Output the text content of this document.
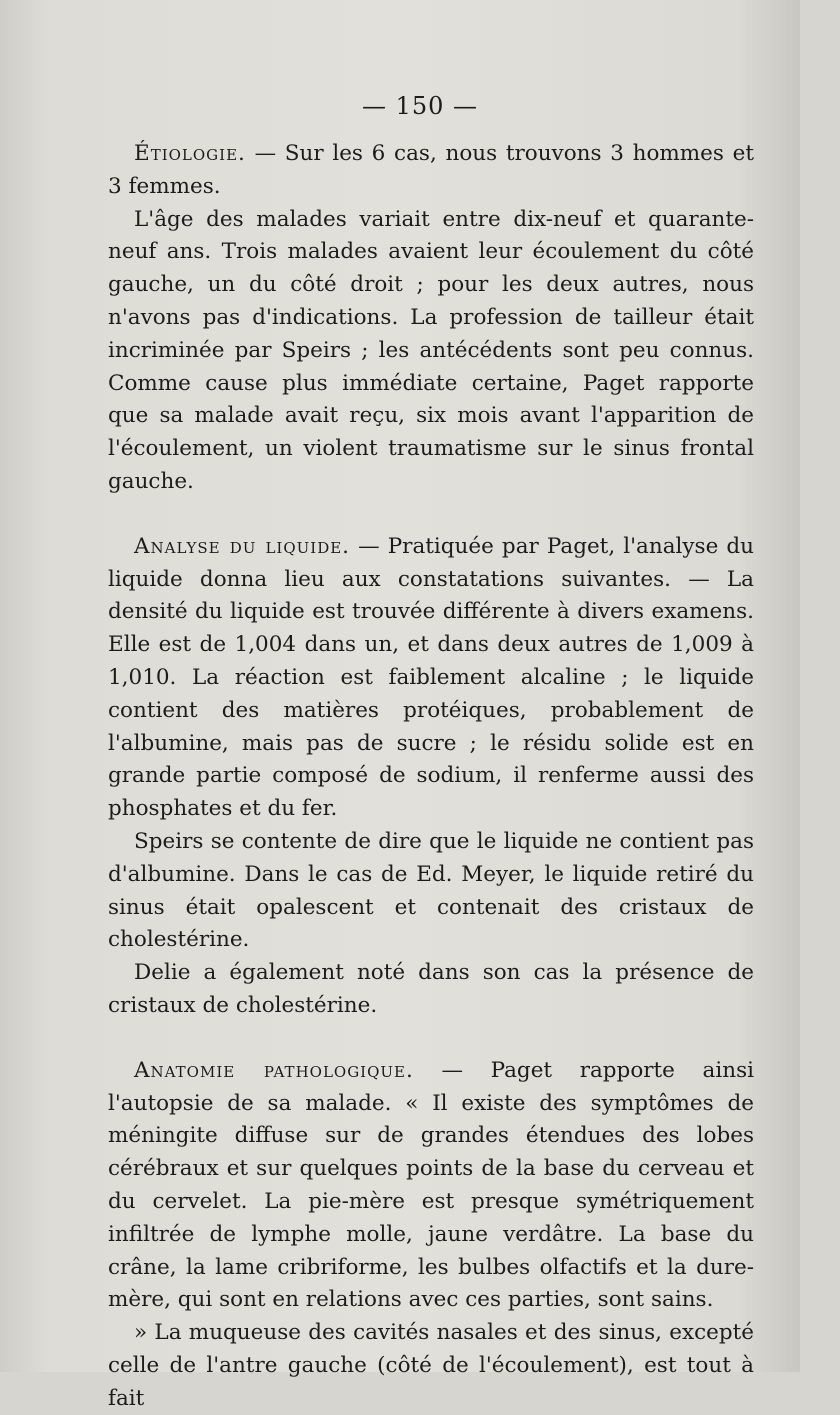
— 150 —

Étiologie. — Sur les 6 cas, nous trouvons 3 hommes et 3 femmes.

L'âge des malades variait entre dix-neuf et quarante-neuf ans. Trois malades avaient leur écoulement du côté gauche, un du côté droit ; pour les deux autres, nous n'avons pas d'indications. La profession de tailleur était incriminée par Speirs ; les antécédents sont peu connus. Comme cause plus immédiate certaine, Paget rapporte que sa malade avait reçu, six mois avant l'apparition de l'écoulement, un violent traumatisme sur le sinus frontal gauche.

Analyse du liquide. — Pratiquée par Paget, l'analyse du liquide donna lieu aux constatations suivantes. — La densité du liquide est trouvée différente à divers examens. Elle est de 1,004 dans un, et dans deux autres de 1,009 à 1,010. La réaction est faiblement alcaline ; le liquide contient des matières protéiques, probablement de l'albumine, mais pas de sucre ; le résidu solide est en grande partie composé de sodium, il renferme aussi des phosphates et du fer.

Speirs se contente de dire que le liquide ne contient pas d'albumine. Dans le cas de Ed. Meyer, le liquide retiré du sinus était opalescent et contenait des cristaux de cholestérine.

Delie a également noté dans son cas la présence de cristaux de cholestérine.

Anatomie pathologique. — Paget rapporte ainsi l'autopsie de sa malade. « Il existe des symptômes de méningite diffuse sur de grandes étendues des lobes cérébraux et sur quelques points de la base du cerveau et du cervelet. La pie-mère est presque symétriquement infiltrée de lymphe molle, jaune verdâtre. La base du crâne, la lame cribriforme, les bulbes olfactifs et la dure-mère, qui sont en relations avec ces parties, sont sains.

» La muqueuse des cavités nasales et des sinus, excepté celle de l'antre gauche (côté de l'écoulement), est tout à fait
